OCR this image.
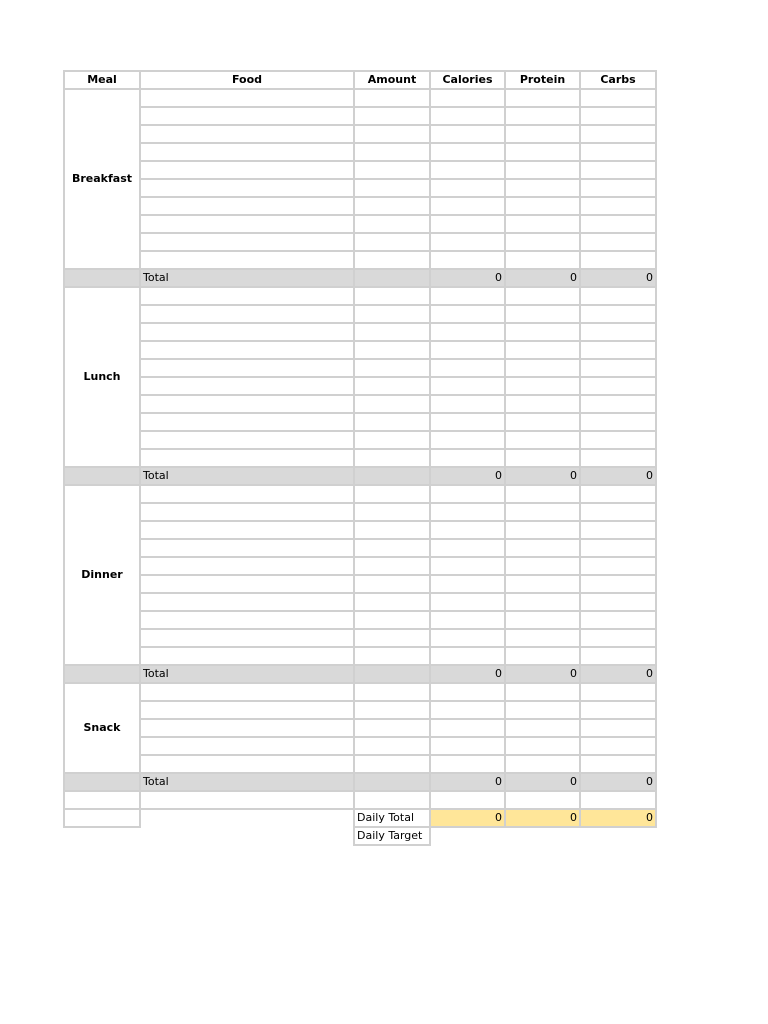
Meal	Food	Amount	Calories	Protein	Carbs
Breakfast					

	Total		0	0	0
Lunch					

	Total		0	0	0
Dinner					

	Total		0	0	0
Snack					

	Total		0	0	0

		Daily Total	0	0	0
		Daily Target			
